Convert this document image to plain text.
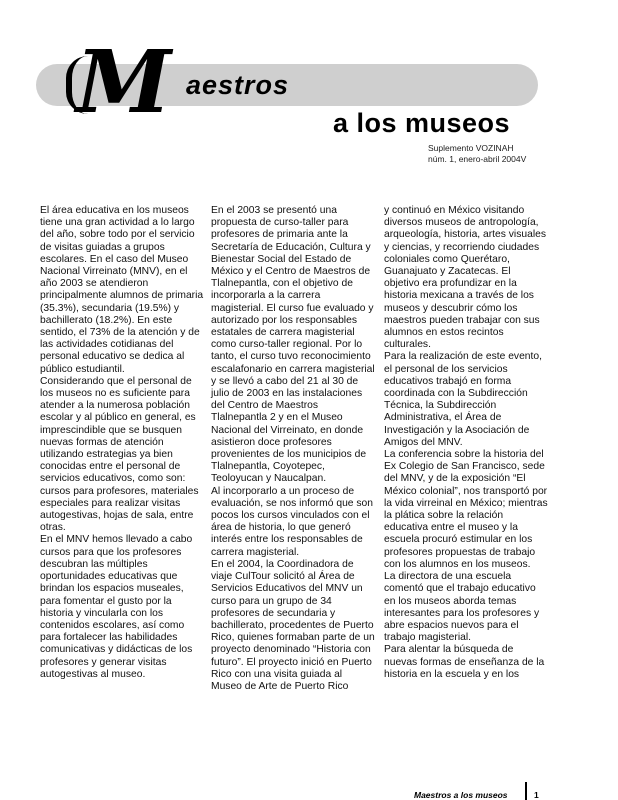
M aestros
a los museos
Suplemento VOZINAH
núm. 1, enero-abril 2004V

El área educativa en los museos tiene una gran actividad a lo largo del año, sobre todo por el servicio de visitas guiadas a grupos escolares. En el caso del Museo Nacional Virreinato (MNV), en el año 2003 se atendieron principalmente alumnos de primaria (35.3%), secundaria (19.5%) y bachillerato (18.2%). En este sentido, el 73% de la atención y de las actividades cotidianas del personal educativo se dedica al público estudiantil.

Considerando que el personal de los museos no es suficiente para atender a la numerosa población escolar y al público en general, es imprescindible que se busquen nuevas formas de atención utilizando estrategias ya bien conocidas entre el personal de servicios educativos, como son: cursos para profesores, materiales especiales para realizar visitas autogestivas, hojas de sala, entre otras.

En el MNV hemos llevado a cabo cursos para que los profesores descubran las múltiples oportunidades educativas que brindan los espacios museales, para fomentar el gusto por la historia y vincularla con los contenidos escolares, así como para fortalecer las habilidades comunicativas y didácticas de los profesores y generar visitas autogestivas al museo.

En el 2003 se presentó una propuesta de curso-taller para profesores de primaria ante la Secretaría de Educación, Cultura y Bienestar Social del Estado de México y el Centro de Maestros de Tlalnepantla, con el objetivo de incorporarla a la carrera magisterial. El curso fue evaluado y autorizado por los responsables estatales de carrera magisterial como curso-taller regional. Por lo tanto, el curso tuvo reconocimiento escalafonario en carrera magisterial y se llevó a cabo del 21 al 30 de julio de 2003 en las instalaciones del Centro de Maestros Tlalnepantla 2 y en el Museo Nacional del Virreinato, en donde asistieron doce profesores provenientes de los municipios de Tlalnepantla, Coyotepec, Teoloyucan y Naucalpan.

Al incorporarlo a un proceso de evaluación, se nos informó que son pocos los cursos vinculados con el área de historia, lo que generó interés entre los responsables de carrera magisterial.

En el 2004, la Coordinadora de viaje CulTour solicitó al Área de Servicios Educativos del MNV un curso para un grupo de 34 profesores de secundaria y bachillerato, procedentes de Puerto Rico, quienes formaban parte de un proyecto denominado “Historia con futuro”. El proyecto inició en Puerto Rico con una visita guiada al Museo de Arte de Puerto Rico

y continuó en México visitando diversos museos de antropología, arqueología, historia, artes visuales y ciencias, y recorriendo ciudades coloniales como Querétaro, Guanajuato y Zacatecas. El objetivo era profundizar en la historia mexicana a través de los museos y descubrir cómo los maestros pueden trabajar con sus alumnos en estos recintos culturales.

Para la realización de este evento, el personal de los servicios educativos trabajó en forma coordinada con la Subdirección Técnica, la Subdirección Administrativa, el Área de Investigación y la Asociación de Amigos del MNV.

La conferencia sobre la historia del Ex Colegio de San Francisco, sede del MNV, y de la exposición “El México colonial”, nos transportó por la vida virreinal en México; mientras la plática sobre la relación educativa entre el museo y la escuela procuró estimular en los profesores propuestas de trabajo con los alumnos en los museos.

La directora de una escuela comentó que el trabajo educativo en los museos aborda temas interesantes para los profesores y abre espacios nuevos para el trabajo magisterial.

Para alentar la búsqueda de nuevas formas de enseñanza de la historia en la escuela y en los

Maestros a los museos	1
